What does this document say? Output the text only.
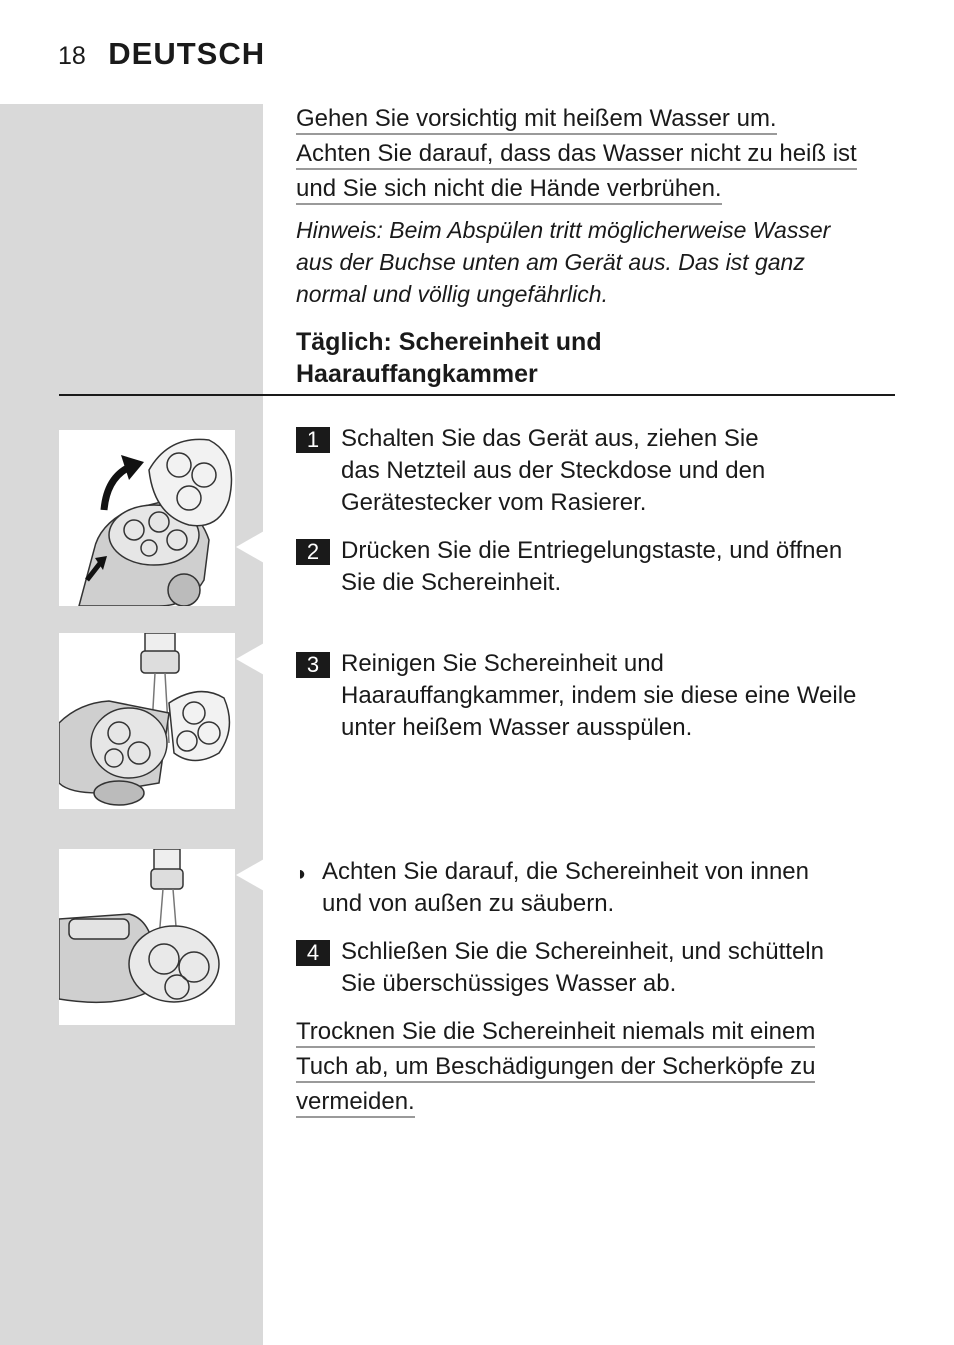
18 DEUTSCH
Gehen Sie vorsichtig mit heißem Wasser um.
Achten Sie darauf, dass das Wasser nicht zu heiß ist
und Sie sich nicht die Hände verbrühen.
Hinweis: Beim Abspülen tritt möglicherweise Wasser
aus der Buchse unten am Gerät aus. Das ist ganz
normal und völlig ungefährlich.
Täglich: Schereinheit und
Haarauffangkammer
1 Schalten Sie das Gerät aus, ziehen Sie
das Netzteil aus der Steckdose und den
Gerätestecker vom Rasierer.
2 Drücken Sie die Entriegelungstaste, und öffnen
Sie die Schereinheit.
3 Reinigen Sie Schereinheit und
Haarauffangkammer, indem sie diese eine Weile
unter heißem Wasser ausspülen.
◗ Achten Sie darauf, die Schereinheit von innen
und von außen zu säubern.
4 Schließen Sie die Schereinheit, und schütteln
Sie überschüssiges Wasser ab.
Trocknen Sie die Schereinheit niemals mit einem
Tuch ab, um Beschädigungen der Scherköpfe zu
vermeiden.
